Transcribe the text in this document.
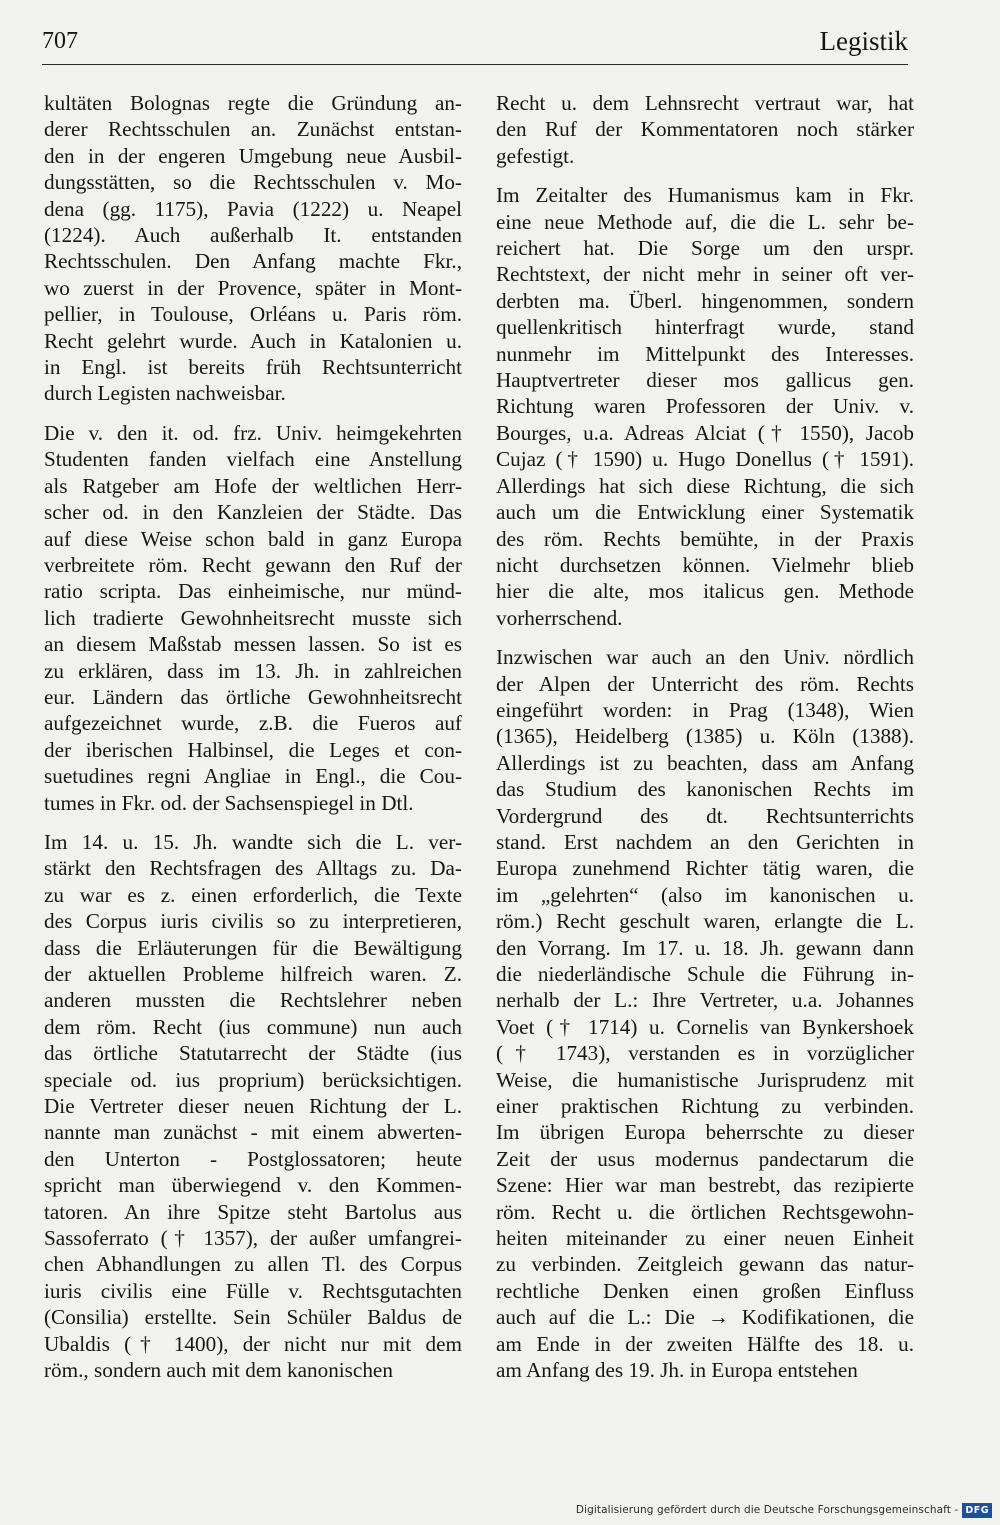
707	Legistik
kultäten Bolognas regte die Gründung an-
derer Rechtsschulen an. Zunächst entstan-
den in der engeren Umgebung neue Ausbil-
dungsstätten, so die Rechtsschulen v. Mo-
dena (gg. 1175), Pavia (1222) u. Neapel
(1224). Auch außerhalb It. entstanden
Rechtsschulen. Den Anfang machte Fkr.,
wo zuerst in der Provence, später in Mont-
pellier, in Toulouse, Orléans u. Paris röm.
Recht gelehrt wurde. Auch in Katalonien u.
in Engl. ist bereits früh Rechtsunterricht
durch Legisten nachweisbar.
Die v. den it. od. frz. Univ. heimgekehrten
Studenten fanden vielfach eine Anstellung
als Ratgeber am Hofe der weltlichen Herr-
scher od. in den Kanzleien der Städte. Das
auf diese Weise schon bald in ganz Europa
verbreitete röm. Recht gewann den Ruf der
ratio scripta. Das einheimische, nur münd-
lich tradierte Gewohnheitsrecht musste sich
an diesem Maßstab messen lassen. So ist es
zu erklären, dass im 13. Jh. in zahlreichen
eur. Ländern das örtliche Gewohnheitsrecht
aufgezeichnet wurde, z.B. die Fueros auf
der iberischen Halbinsel, die Leges et con-
suetudines regni Angliae in Engl., die Cou-
tumes in Fkr. od. der Sachsenspiegel in Dtl.
Im 14. u. 15. Jh. wandte sich die L. ver-
stärkt den Rechtsfragen des Alltags zu. Da-
zu war es z. einen erforderlich, die Texte
des Corpus iuris civilis so zu interpretieren,
dass die Erläuterungen für die Bewältigung
der aktuellen Probleme hilfreich waren. Z.
anderen mussten die Rechtslehrer neben
dem röm. Recht (ius commune) nun auch
das örtliche Statutarrecht der Städte (ius
speciale od. ius proprium) berücksichtigen.
Die Vertreter dieser neuen Richtung der L.
nannte man zunächst - mit einem abwerten-
den Unterton - Postglossatoren; heute
spricht man überwiegend v. den Kommen-
tatoren. An ihre Spitze steht Bartolus aus
Sassoferrato († 1357), der außer umfangrei-
chen Abhandlungen zu allen Tl. des Corpus
iuris civilis eine Fülle v. Rechtsgutachten
(Consilia) erstellte. Sein Schüler Baldus de
Ubaldis († 1400), der nicht nur mit dem
röm., sondern auch mit dem kanonischen
Recht u. dem Lehnsrecht vertraut war, hat
den Ruf der Kommentatoren noch stärker
gefestigt.
Im Zeitalter des Humanismus kam in Fkr.
eine neue Methode auf, die die L. sehr be-
reichert hat. Die Sorge um den urspr.
Rechtstext, der nicht mehr in seiner oft ver-
derbten ma. Überl. hingenommen, sondern
quellenkritisch hinterfragt wurde, stand
nunmehr im Mittelpunkt des Interesses.
Hauptvertreter dieser mos gallicus gen.
Richtung waren Professoren der Univ. v.
Bourges, u.a. Adreas Alciat († 1550), Jacob
Cujaz († 1590) u. Hugo Donellus († 1591).
Allerdings hat sich diese Richtung, die sich
auch um die Entwicklung einer Systematik
des röm. Rechts bemühte, in der Praxis
nicht durchsetzen können. Vielmehr blieb
hier die alte, mos italicus gen. Methode
vorherrschend.
Inzwischen war auch an den Univ. nördlich
der Alpen der Unterricht des röm. Rechts
eingeführt worden: in Prag (1348), Wien
(1365), Heidelberg (1385) u. Köln (1388).
Allerdings ist zu beachten, dass am Anfang
das Studium des kanonischen Rechts im
Vordergrund des dt. Rechtsunterrichts
stand. Erst nachdem an den Gerichten in
Europa zunehmend Richter tätig waren, die
im „gelehrten“ (also im kanonischen u.
röm.) Recht geschult waren, erlangte die L.
den Vorrang. Im 17. u. 18. Jh. gewann dann
die niederländische Schule die Führung in-
nerhalb der L.: Ihre Vertreter, u.a. Johannes
Voet († 1714) u. Cornelis van Bynkershoek
(† 1743), verstanden es in vorzüglicher
Weise, die humanistische Jurisprudenz mit
einer praktischen Richtung zu verbinden.
Im übrigen Europa beherrschte zu dieser
Zeit der usus modernus pandectarum die
Szene: Hier war man bestrebt, das rezipierte
röm. Recht u. die örtlichen Rechtsgewohn-
heiten miteinander zu einer neuen Einheit
zu verbinden. Zeitgleich gewann das natur-
rechtliche Denken einen großen Einfluss
auch auf die L.: Die → Kodifikationen, die
am Ende in der zweiten Hälfte des 18. u.
am Anfang des 19. Jh. in Europa entstehen
Digitalisierung gefördert durch die Deutsche Forschungsgemeinschaft - DFG
